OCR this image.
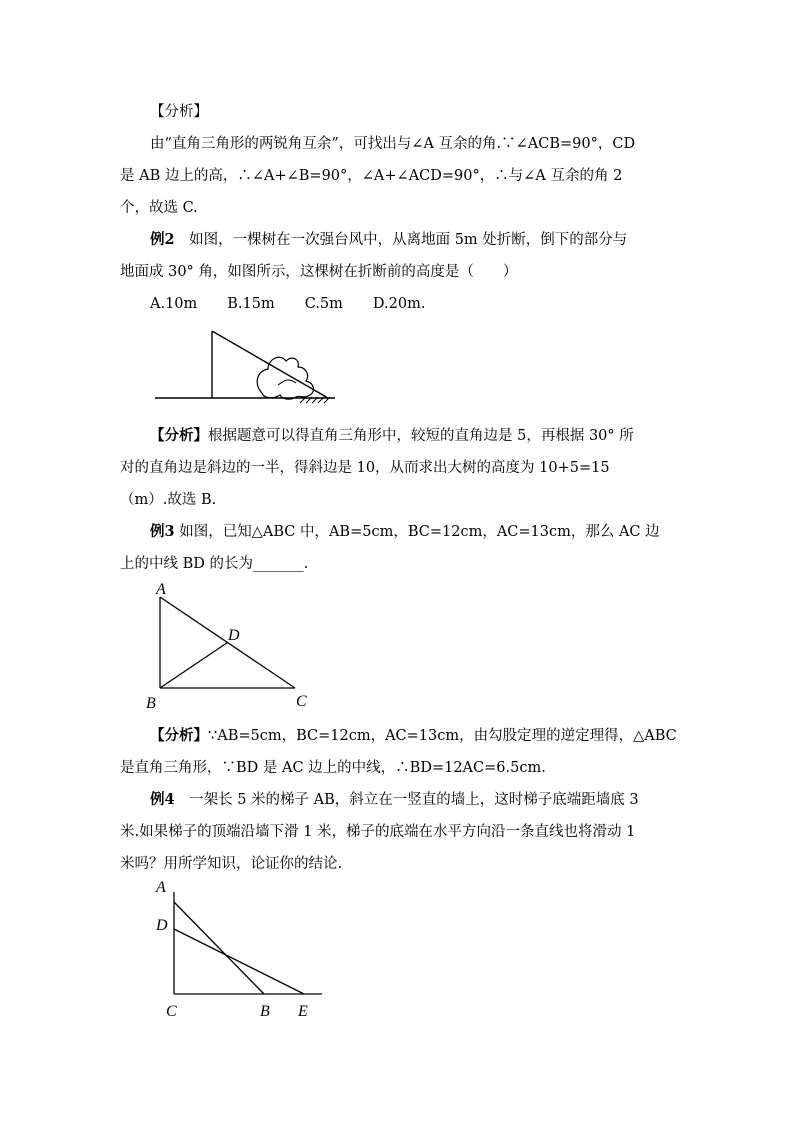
【分析】
由“直角三角形的两锐角互余”，可找出与∠A 互余的角.∵∠ACB=90°，CD
是 AB 边上的高，∴∠A+∠B=90°，∠A+∠ACD=90°，∴与∠A 互余的角 2
个，故选 C.
例2　 如图，一棵树在一次强台风中，从离地面 5m 处折断，倒下的部分与
地面成 30° 角，如图所示，这棵树在折断前的高度是（　　）
A.10m B.15m C.5m D.20m.
【分析】根据题意可以得直角三角形中，较短的直角边是 5，再根据 30° 所
对的直角边是斜边的一半，得斜边是 10，从而求出大树的高度为 10+5=15
（m）.故选 B.
例3 如图，已知△ABC 中，AB=5cm，BC=12cm，AC=13cm，那么 AC 边
上的中线 BD 的长为_______.
A
D
B	C
【分析】∵AB=5cm，BC=12cm，AC=13cm，由勾股定理的逆定理得，△ABC
是直角三角形，∵BD 是 AC 边上的中线，∴BD=12AC=6.5cm.
例4　 一架长 5 米的梯子 AB，斜立在一竖直的墙上，这时梯子底端距墙底 3
米.如果梯子的顶端沿墙下滑 1 米，梯子的底端在水平方向沿一条直线也将滑动 1
米吗？用所学知识，论证你的结论.
A
D
C	B E
